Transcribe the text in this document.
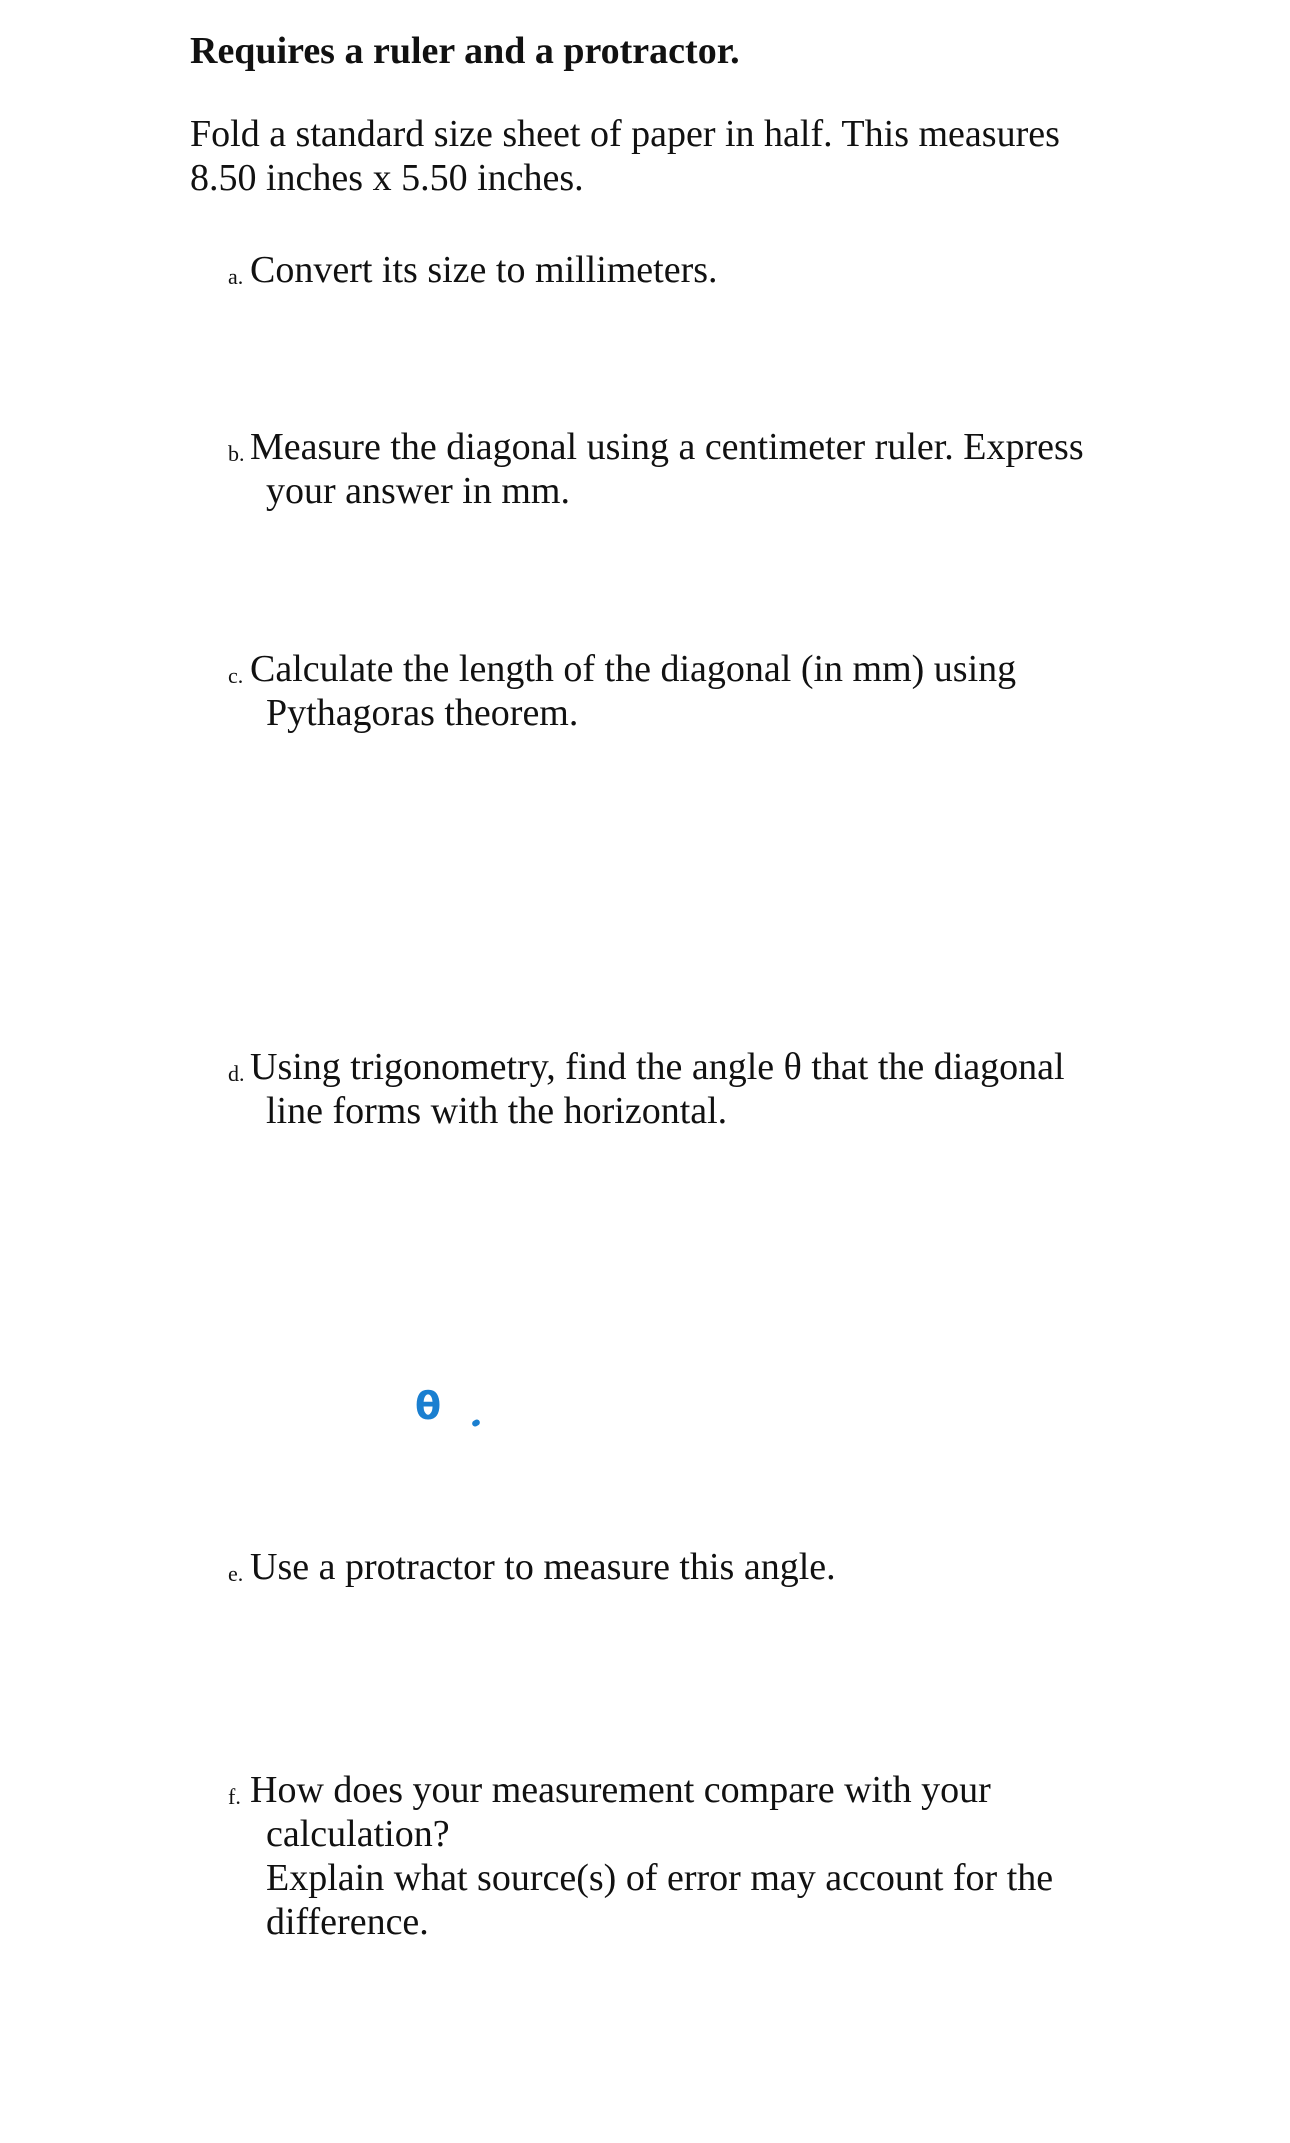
Requires a ruler and a protractor.

Fold a standard size sheet of paper in half. This measures
8.50 inches x 5.50 inches.

a. Convert its size to millimeters.
b. Measure the diagonal using a centimeter ruler. Express
your answer in mm.
c. Calculate the length of the diagonal (in mm) using
Pythagoras theorem.
d. Using trigonometry, find the angle θ that the diagonal
line forms with the horizontal.
θ
e. Use a protractor to measure this angle.
f. How does your measurement compare with your
calculation?
Explain what source(s) of error may account for the
difference.
